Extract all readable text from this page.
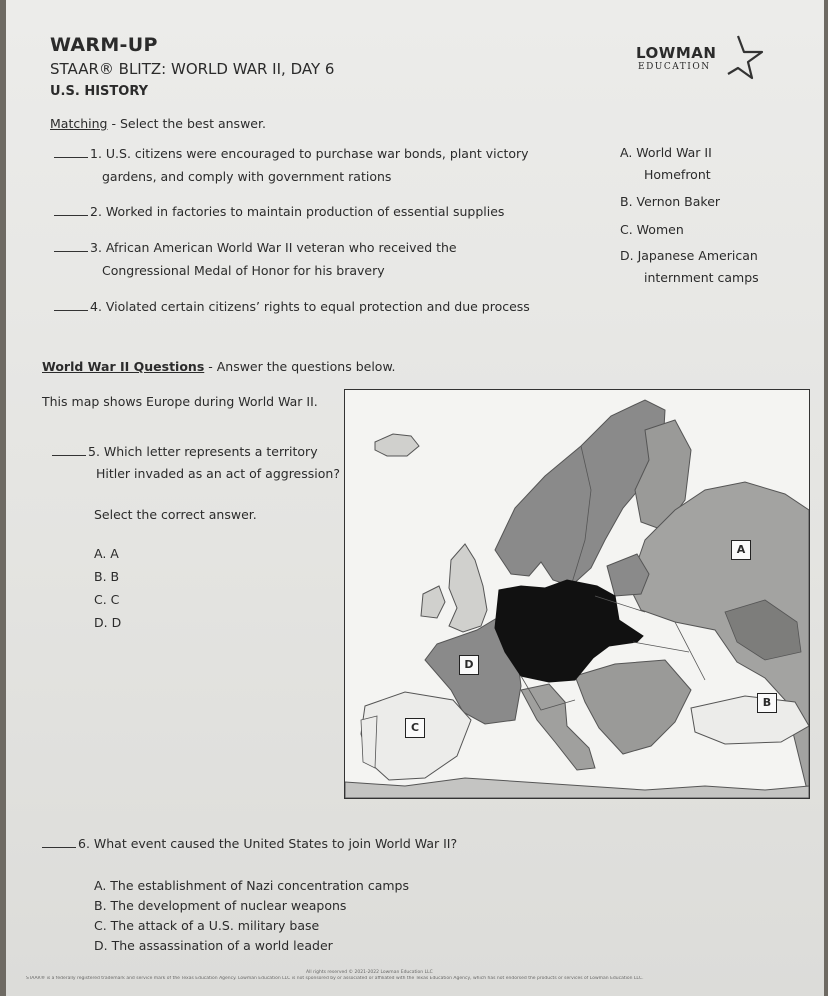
WARM-UP
STAAR® BLITZ: WORLD WAR II, DAY 6
U.S. HISTORY
LOWMAN
EDUCATION
Matching - Select the best answer.
1. U.S. citizens were encouraged to purchase war bonds, plant victory
gardens, and comply with government rations
2. Worked in factories to maintain production of essential supplies
3. African American World War II veteran who received the
Congressional Medal of Honor for his bravery
4. Violated certain citizens’ rights to equal protection and due process
A. World War II
Homefront
B. Vernon Baker
C. Women
D. Japanese American
internment camps
World War II Questions - Answer the questions below.
This map shows Europe during World War II.
5. Which letter represents a territory
Hitler invaded as an act of aggression?
Select the correct answer.
A. A
B. B
C. C
D. D
A
B
C
D
6. What event caused the United States to join World War II?
A. The establishment of Nazi concentration camps
B. The development of nuclear weapons
C. The attack of a U.S. military base
D. The assassination of a world leader
All rights reserved © 2021-2022 Lowman Education LLC
STAAR® is a federally registered trademark and service mark of the Texas Education Agency. Lowman Education LLC is not sponsored by or associated or affiliated with the Texas Education Agency, which has not endorsed the products or services of Lowman Education LLC.
